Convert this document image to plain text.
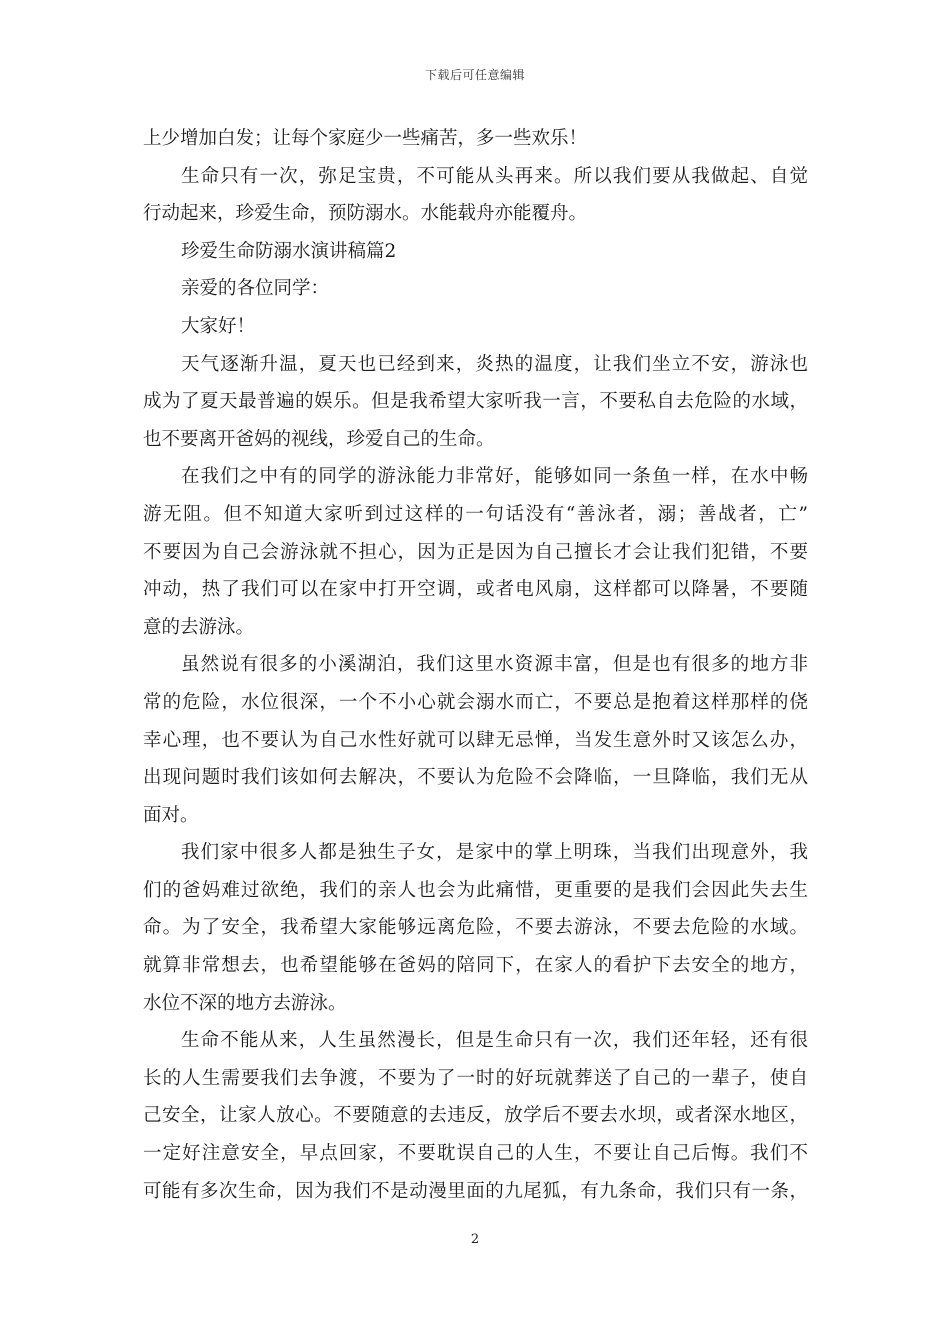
下载后可任意编辑
上少增加白发；让每个家庭少一些痛苦，多一些欢乐！
生命只有一次，弥足宝贵，不可能从头再来。所以我们要从我做起、自觉
行动起来，珍爱生命，预防溺水。水能载舟亦能覆舟。
珍爱生命防溺水演讲稿篇2
亲爱的各位同学：
大家好！
天气逐渐升温，夏天也已经到来，炎热的温度，让我们坐立不安，游泳也
成为了夏天最普遍的娱乐。但是我希望大家听我一言，不要私自去危险的水域，
也不要离开爸妈的视线，珍爱自己的生命。
在我们之中有的同学的游泳能力非常好，能够如同一条鱼一样，在水中畅
游无阻。但不知道大家听到过这样的一句话没有“善泳者，溺；善战者，亡”
不要因为自己会游泳就不担心，因为正是因为自己擅长才会让我们犯错，不要
冲动，热了我们可以在家中打开空调，或者电风扇，这样都可以降暑，不要随
意的去游泳。
虽然说有很多的小溪湖泊，我们这里水资源丰富，但是也有很多的地方非
常的危险，水位很深，一个不小心就会溺水而亡，不要总是抱着这样那样的侥
幸心理，也不要认为自己水性好就可以肆无忌惮，当发生意外时又该怎么办，
出现问题时我们该如何去解决，不要认为危险不会降临，一旦降临，我们无从
面对。
我们家中很多人都是独生子女，是家中的掌上明珠，当我们出现意外，我
们的爸妈难过欲绝，我们的亲人也会为此痛惜，更重要的是我们会因此失去生
命。为了安全，我希望大家能够远离危险，不要去游泳，不要去危险的水域。
就算非常想去，也希望能够在爸妈的陪同下，在家人的看护下去安全的地方，
水位不深的地方去游泳。
生命不能从来，人生虽然漫长，但是生命只有一次，我们还年轻，还有很
长的人生需要我们去争渡，不要为了一时的好玩就葬送了自己的一辈子，使自
己安全，让家人放心。不要随意的去违反，放学后不要去水坝，或者深水地区，
一定好注意安全，早点回家，不要耽误自己的人生，不要让自己后悔。我们不
可能有多次生命，因为我们不是动漫里面的九尾狐，有九条命，我们只有一条，
2
